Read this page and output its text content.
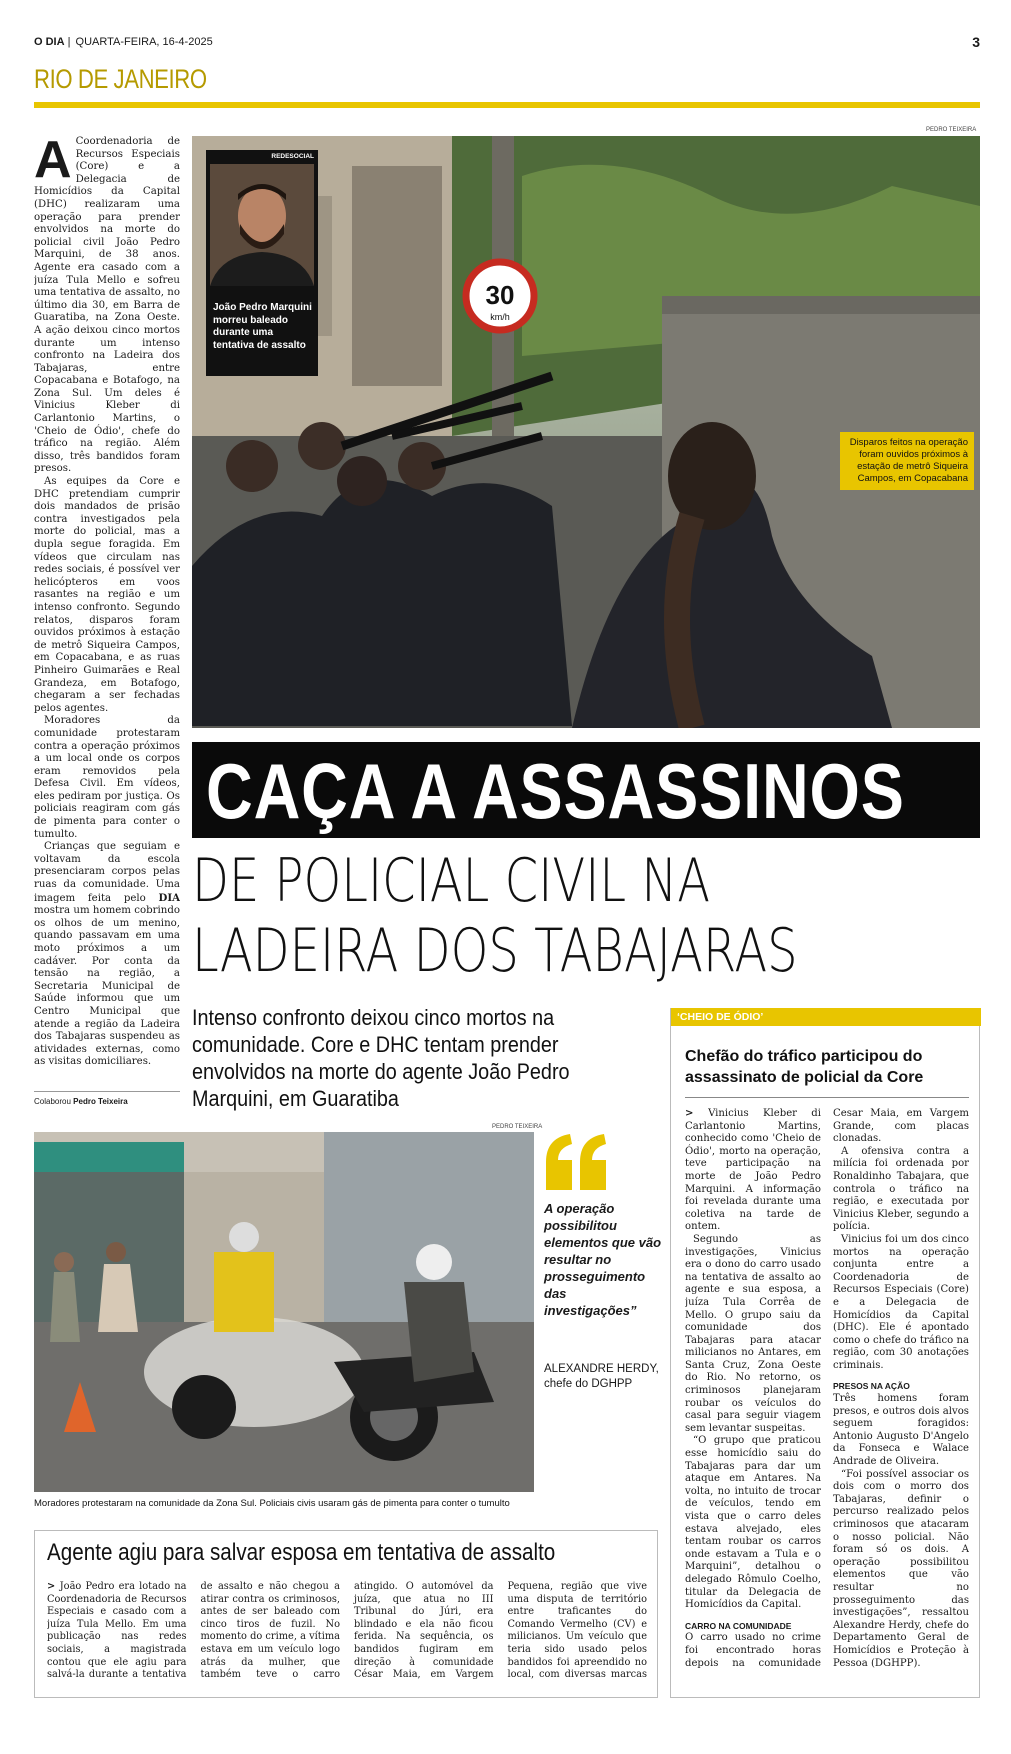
O DIA | QUARTA-FEIRA, 16-4-2025	3
RIO DE JANEIRO

A Coordenadoria de Recursos Especiais (Core) e a Delegacia de Homicídios da Capital (DHC) realizaram uma operação para prender envolvidos na morte do policial civil João Pedro Marquini, de 38 anos. Agente era casado com a juíza Tula Mello e sofreu uma tentativa de assalto, no último dia 30, em Barra de Guaratiba, na Zona Oeste. A ação deixou cinco mortos durante um intenso confronto na Ladeira dos Tabajaras, entre Copacabana e Botafogo, na Zona Sul. Um deles é Vinicius Kleber di Carlantonio Martins, o 'Cheio de Ódio', chefe do tráfico na região. Além disso, três bandidos foram presos.

As equipes da Core e DHC pretendiam cumprir dois mandados de prisão contra investigados pela morte do policial, mas a dupla segue foragida. Em vídeos que circulam nas redes sociais, é possível ver helicópteros em voos rasantes na região e um intenso confronto. Segundo relatos, disparos foram ouvidos próximos à estação de metrô Siqueira Campos, em Copacabana, e as ruas Pinheiro Guimarães e Real Grandeza, em Botafogo, chegaram a ser fechadas pelos agentes.

Moradores da comunidade protestaram contra a operação próximos a um local onde os corpos eram removidos pela Defesa Civil. Em vídeos, eles pediram por justiça. Os policiais reagiram com gás de pimenta para conter o tumulto.

Crianças que seguiam e voltavam da escola presenciaram corpos pelas ruas da comunidade. Uma imagem feita pelo DIA mostra um homem cobrindo os olhos de um menino, quando passavam em uma moto próximos a um cadáver. Por conta da tensão na região, a Secretaria Municipal de Saúde informou que um Centro Municipal que atende a região da Ladeira dos Tabajaras suspendeu as atividades externas, como as visitas domiciliares.

Colaborou Pedro Teixeira
PEDRO TEIXEIRA
30
km/h
REDESOCIAL
João Pedro Marquini morreu baleado durante uma tentativa de assalto
Disparos feitos na operação foram ouvidos próximos à estação de metrô Siqueira Campos, em Copacabana
CAÇA A ASSASSINOS
DE POLICIAL CIVIL NA
LADEIRA DOS TABAJARAS
Intenso confronto deixou cinco mortos na comunidade. Core e DHC tentam prender envolvidos na morte do agente João Pedro Marquini, em Guaratiba
PEDRO TEIXEIRA
Moradores protestaram na comunidade da Zona Sul. Policiais civis usaram gás de pimenta para conter o tumulto
A operação possibilitou elementos que vão resultar no prosseguimento das investigações”
ALEXANDRE HERDY,
chefe do DGHPP
Agente agiu para salvar esposa em tentativa de assalto
> João Pedro era lotado na Coordenadoria de Recursos Especiais e casado com a juíza Tula Mello. Em uma publicação nas redes sociais, a magistrada contou que ele agiu para salvá-la durante a tentativa de assalto e não chegou a atirar contra os criminosos, antes de ser baleado com cinco tiros de fuzil. No momento do crime, a vítima estava em um veículo logo atrás da mulher, que também teve o carro atingido. O automóvel da juíza, que atua no III Tribunal do Júri, era blindado e ela não ficou ferida. Na sequência, os bandidos fugiram em direção à comunidade César Maia, em Vargem Pequena, região que vive uma disputa de território entre traficantes do Comando Vermelho (CV) e milicianos. Um veículo que teria sido usado pelos bandidos foi apreendido no local, com diversas marcas
‘CHEIO DE ÓDIO’
Chefão do tráfico participou do assassinato de policial da Core

> Vinicius Kleber di Carlantonio Martins, conhecido como 'Cheio de Ódio', morto na operação, teve participação na morte de João Pedro Marquini. A informação foi revelada durante uma coletiva na tarde de ontem.

Segundo as investigações, Vinicius era o dono do carro usado na tentativa de assalto ao agente e sua esposa, a juíza Tula Corrêa de Mello. O grupo saiu da comunidade dos Tabajaras para atacar milicianos no Antares, em Santa Cruz, Zona Oeste do Rio. No retorno, os criminosos planejaram roubar os veículos do casal para seguir viagem sem levantar suspeitas.

“O grupo que praticou esse homicídio saiu do Tabajaras para dar um ataque em Antares. Na volta, no intuito de trocar de veículos, tendo em vista que o carro deles estava alvejado, eles tentam roubar os carros onde estavam a Tula e o Marquini”, detalhou o delegado Rômulo Coelho, titular da Delegacia de Homicídios da Capital.

CARRO NA COMUNIDADE

O carro usado no crime foi encontrado horas depois na comunidade Cesar Maia, em Vargem Grande, com placas clonadas.

A ofensiva contra a milícia foi ordenada por Ronaldinho Tabajara, que controla o tráfico na região, e executada por Vinicius Kleber, segundo a polícia.

Vinicius foi um dos cinco mortos na operação conjunta entre a Coordenadoria de Recursos Especiais (Core) e a Delegacia de Homicídios da Capital (DHC). Ele é apontado como o chefe do tráfico na região, com 30 anotações criminais.

PRESOS NA AÇÃO

Três homens foram presos, e outros dois alvos seguem foragidos: Antonio Augusto D'Angelo da Fonseca e Walace Andrade de Oliveira.

“Foi possível associar os dois com o morro dos Tabajaras, definir o percurso realizado pelos criminosos que atacaram o nosso policial. Não foram só os dois. A operação possibilitou elementos que vão resultar no prosseguimento das investigações”, ressaltou Alexandre Herdy, chefe do Departamento Geral de Homicídios e Proteção à Pessoa (DGHPP).
